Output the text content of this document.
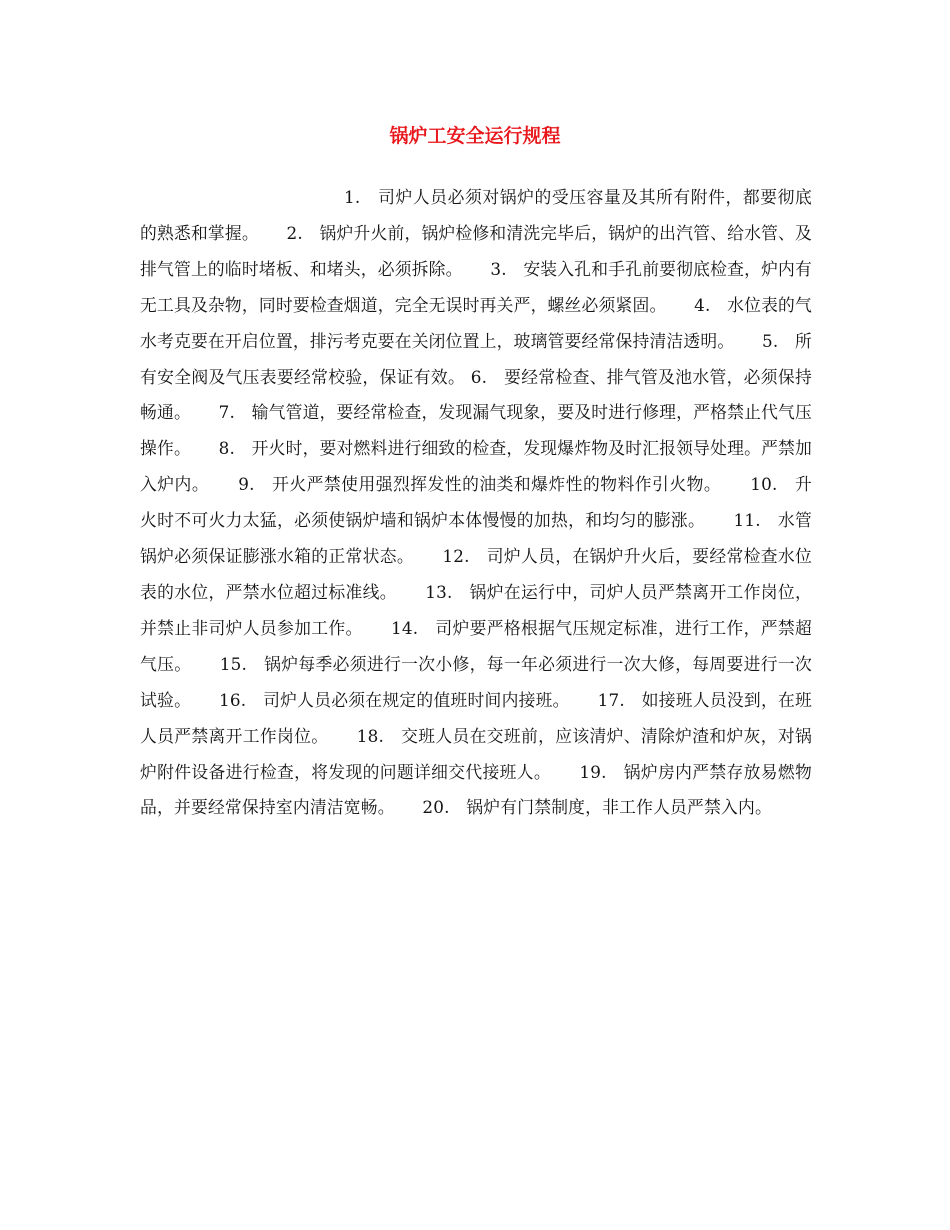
锅炉工安全运行规程

1.   司炉人员必须对锅炉的受压容量及其所有附件，都要彻底的熟悉和掌握。     2.   锅炉升火前，锅炉检修和清洗完毕后，锅炉的出汽管、给水管、及排气管上的临时堵板、和堵头，必须拆除。     3.   安装入孔和手孔前要彻底检查，炉内有无工具及杂物，同时要检查烟道，完全无误时再关严，螺丝必须紧固。     4.   水位表的气水考克要在开启位置，排污考克要在关闭位置上，玻璃管要经常保持清洁透明。     5.   所有安全阀及气压表要经常校验，保证有效。 6.   要经常检查、排气管及池水管，必须保持畅通。     7.   输气管道，要经常检查，发现漏气现象，要及时进行修理，严格禁止代气压操作。     8.   开火时，要对燃料进行细致的检查，发现爆炸物及时汇报领导处理。严禁加入炉内。     9.   开火严禁使用强烈挥发性的油类和爆炸性的物料作引火物。     10.   升火时不可火力太猛，必须使锅炉墙和锅炉本体慢慢的加热，和均匀的膨涨。     11.   水管锅炉必须保证膨涨水箱的正常状态。     12.   司炉人员，在锅炉升火后，要经常检查水位表的水位，严禁水位超过标准线。     13.   锅炉在运行中，司炉人员严禁离开工作岗位，并禁止非司炉人员参加工作。     14.   司炉要严格根据气压规定标准，进行工作，严禁超气压。     15.   锅炉每季必须进行一次小修，每一年必须进行一次大修，每周要进行一次试验。     16.   司炉人员必须在规定的值班时间内接班。     17.   如接班人员没到，在班人员严禁离开工作岗位。     18.   交班人员在交班前，应该清炉、清除炉渣和炉灰，对锅炉附件设备进行检查，将发现的问题详细交代接班人。     19.   锅炉房内严禁存放易燃物品，并要经常保持室内清洁宽畅。     20.   锅炉有门禁制度，非工作人员严禁入内。
